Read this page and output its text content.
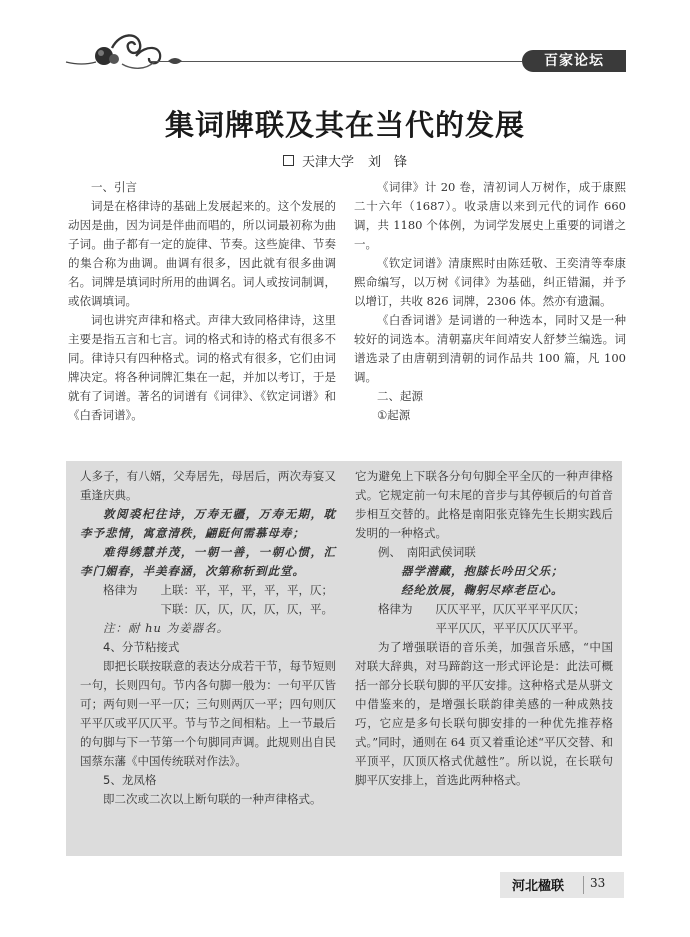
百家论坛
集词牌联及其在当代的发展
天津大学 刘　锋

一、引言

词是在格律诗的基础上发展起来的。这个发展的动因是曲，因为词是伴曲而唱的，所以词最初称为曲子词。曲子都有一定的旋律、节奏。这些旋律、节奏的集合称为曲调。曲调有很多，因此就有很多曲调名。词牌是填词时所用的曲调名。词人或按词制调，或依调填词。

词也讲究声律和格式。声律大致同格律诗，这里主要是指五言和七言。词的格式和诗的格式有很多不同。律诗只有四种格式。词的格式有很多，它们由词牌决定。将各种词牌汇集在一起，并加以考订，于是就有了词谱。著名的词谱有《词律》、《钦定词谱》和《白香词谱》。

《词律》计 20 卷，清初词人万树作，成于康熙二十六年（1687）。收录唐以来到元代的词作 660 调，共 1180 个体例，为词学发展史上重要的词谱之一。

《钦定词谱》清康熙时由陈廷敬、王奕清等奉康熙命编写，以万树《词律》为基础，纠正错漏，并予以增订，共收 826 词牌，2306 体。然亦有遗漏。

《白香词谱》是词谱的一种选本，同时又是一种较好的词选本。清朝嘉庆年间靖安人舒梦兰编选。词谱选录了由唐朝到清朝的词作品共 100 篇，凡 100 调。

二、起源

①起源

人多子，有八婿，父寿居先，母居后，两次寿宴又重逢庆典。

敦阅裘杞往诗，万寿无疆，万寿无期，耽李予悲情，寓意清秩，翩跹何需慕母寿；

难得绣慧并茂，一朝一善，一朝心惯，汇李门媚春，半美春涵，次第称斩到此堂。

格律为　　上联：平，平，平，平，平，仄；

　　　　　下联：仄，仄，仄，仄，仄，平。

注：耐 hu 为姜器名。

4、分节粘接式

即把长联按联意的表达分成若干节，每节短则一句，长则四句。节内各句脚一般为：一句平仄皆可；两句则一平一仄；三句则两仄一平；四句则仄平平仄或平仄仄平。节与节之间相粘。上一节最后的句脚与下一节第一个句脚同声调。此规则出自民国蔡东藩《中国传统联对作法》。

5、龙凤格

即二次或二次以上断句联的一种声律格式。

它为避免上下联各分句句脚全平全仄的一种声律格式。它规定前一句末尾的音步与其停顿后的句首音步相互交替的。此格是南阳张克锋先生长期实践后发明的一种格式。

例、　南阳武侯词联

器学潜藏，抱膝长吟田父乐；

经纶放展，鞠躬尽瘁老臣心。

　　格律为　　仄仄平平，仄仄平平平仄仄；

　　　　　　　平平仄仄，平平仄仄仄平平。

为了增强联语的音乐美，加强音乐感，“中国对联大辞典，对马蹄韵这一形式评论是：此法可概括一部分长联句脚的平仄安排。这种格式是从骈文中借鉴来的，是增强长联韵律美感的一种成熟技巧，它应是多句长联句脚安排的一种优先推荐格式。”同时，通则在 64 页又着重论述“平仄交替、和平顶平，仄顶仄格式优越性”。所以说，在长联句脚平仄安排上，首选此两种格式。

河北楹联 33
